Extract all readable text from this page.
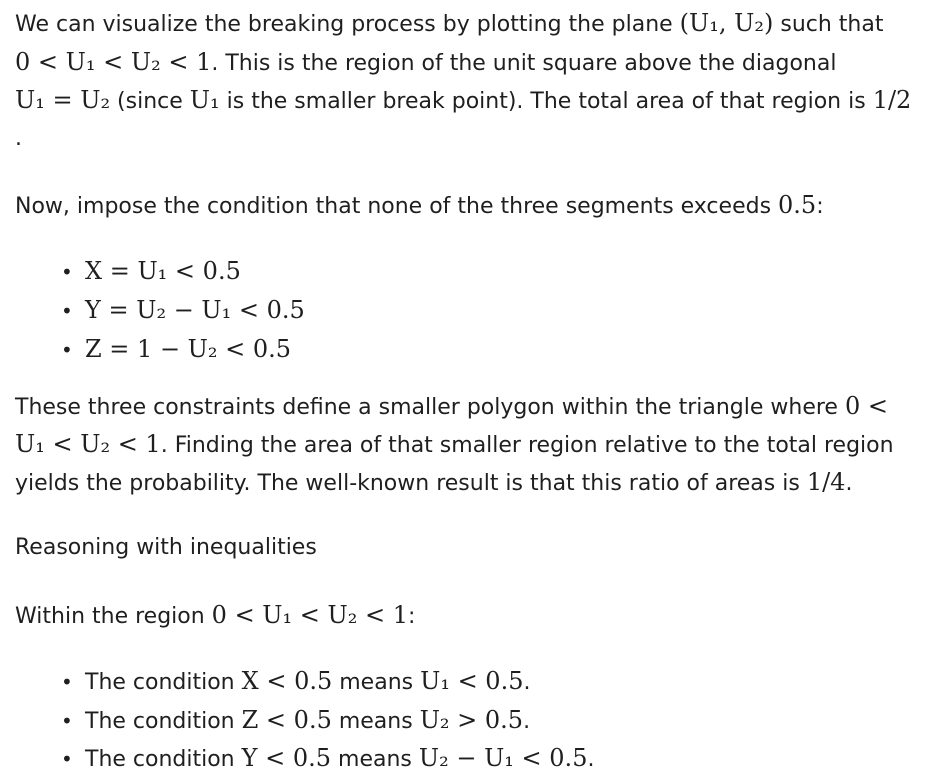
We can visualize the breaking process by plotting the plane (U₁, U₂) such that
0 < U₁ < U₂ < 1. This is the region of the unit square above the diagonal
U₁ = U₂ (since U₁ is the smaller break point). The total area of that region is 1/2
.
Now, impose the condition that none of the three segments exceeds 0.5:
• X = U₁ < 0.5
• Y = U₂ − U₁ < 0.5
• Z = 1 − U₂ < 0.5
These three constraints define a smaller polygon within the triangle where 0 <
U₁ < U₂ < 1. Finding the area of that smaller region relative to the total region
yields the probability. The well-known result is that this ratio of areas is 1/4.
Reasoning with inequalities
Within the region 0 < U₁ < U₂ < 1:
• The condition X < 0.5 means U₁ < 0.5.
• The condition Z < 0.5 means U₂ > 0.5.
• The condition Y < 0.5 means U₂ − U₁ < 0.5.
